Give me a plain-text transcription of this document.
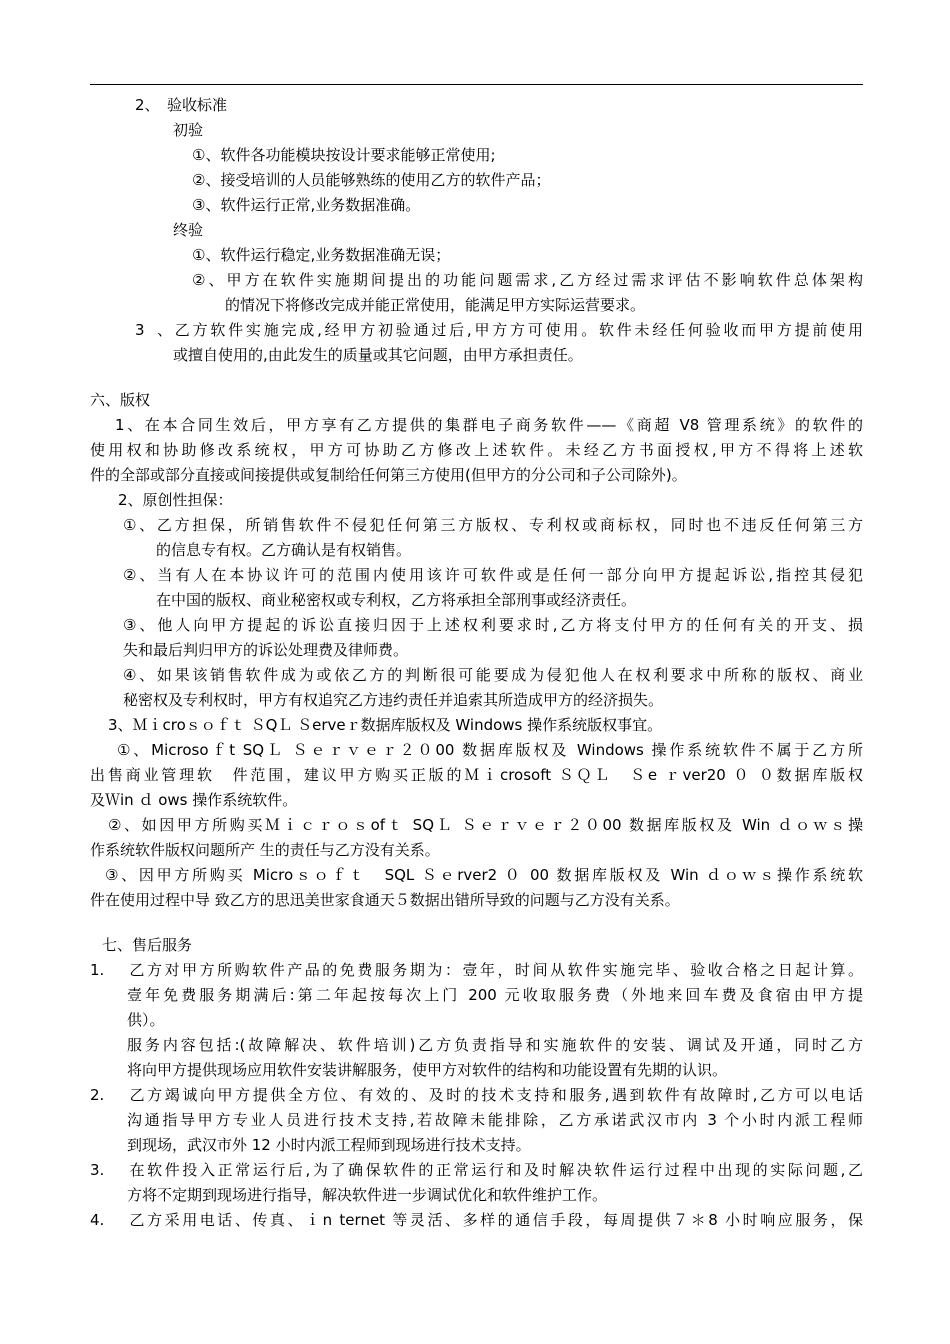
2、　验收标准
初验
①、软件各功能模块按设计要求能够正常使用;
②、接受培训的人员能够熟练的使用乙方的软件产品；
③、软件运行正常,业务数据准确。
终验
①、软件运行稳定,业务数据准确无误；
②、甲方在软件实施期间提出的功能问题需求,乙方经过需求评估不影响软件总体架构
的情况下将修改完成并能正常使用，能满足甲方实际运营要求。
3、乙方软件实施完成,经甲方初验通过后,甲方方可使用。软件未经任何验收而甲方提前使用
或擅自使用的,由此发生的质量或其它问题，由甲方承担责任。
六、版权
1、在本合同生效后，甲方享有乙方提供的集群电子商务软件——《商超 V8 管理系统》的软件的
使用权和协助修改系统权，甲方可协助乙方修改上述软件。未经乙方书面授权,甲方不得将上述软
件的全部或部分直接或间接提供或复制给任何第三方使用(但甲方的分公司和子公司除外)。
2、原创性担保：
①、乙方担保，所销售软件不侵犯任何第三方版权、专利权或商标权，同时也不违反任何第三方
的信息专有权。乙方确认是有权销售。
②、当有人在本协议许可的范围内使用该许可软件或是任何一部分向甲方提起诉讼,指控其侵犯
在中国的版权、商业秘密权或专利权，乙方将承担全部刑事或经济责任。
③、他人向甲方提起的诉讼直接归因于上述权利要求时,乙方将支付甲方的任何有关的开支、损
失和最后判归甲方的诉讼处理费及律师费。
④、如果该销售软件成为或依乙方的判断很可能要成为侵犯他人在权利要求中所称的版权、商业
秘密权及专利权时，甲方有权追究乙方违约责任并追索其所造成甲方的经济损失。
3、Ｍｉcroｓｏｆｔ ＳQＬ Ｓerveｒ数据库版权及 Windows 操作系统版权事宜。
①、Microsoｆt SQＬ Ｓｅｒｖｅｒ２０00 数据库版权及 Windows 操作系统软件不属于乙方所
出售商业管理软　件范围，建议甲方购买正版的Ｍｉcrosoft ＳＱＬ　Ｓe ｒver20 ０ ０数据库版权
及Ｗin ｄ ows 操作系统软件。
②、如因甲方所购买Ｍｉｃｒｏｓofｔ SQＬ Ｓｅｒｖｅｒ２０00 数据库版权及 Win ｄｏｗｓ操
作系统软件版权问题所产 生的责任与乙方没有关系。
③、因甲方所购买 Microｓｏｆｔ　SQL Ｓｅrver2 ０ 00 数据库版权及 Win ｄｏｗｓ操作系统软
件在使用过程中导 致乙方的思迅美世家食通天５数据出错所导致的问题与乙方没有关系。
七、售后服务
1. 乙方对甲方所购软件产品的免费服务期为：壹年，时间从软件实施完毕、验收合格之日起计算。
壹年免费服务期满后:第二年起按每次上门 200 元收取服务费（外地来回车费及食宿由甲方提
供）。
服务内容包括:(故障解决、软件培训)乙方负责指导和实施软件的安装、调试及开通，同时乙方
将向甲方提供现场应用软件安装讲解服务，使甲方对软件的结构和功能设置有先期的认识。
2. 乙方竭诚向甲方提供全方位、有效的、及时的技术支持和服务,遇到软件有故障时,乙方可以电话
沟通指导甲方专业人员进行技术支持,若故障未能排除，乙方承诺武汉市内 3 个小时内派工程师
到现场，武汉市外 12 小时内派工程师到现场进行技术支持。
3. 在软件投入正常运行后,为了确保软件的正常运行和及时解决软件运行过程中出现的实际问题,乙
方将不定期到现场进行指导，解决软件进一步调试优化和软件维护工作。
4. 乙方采用电话、传真、ｉn ternet 等灵活、多样的通信手段，每周提供７＊8 小时响应服务，保
